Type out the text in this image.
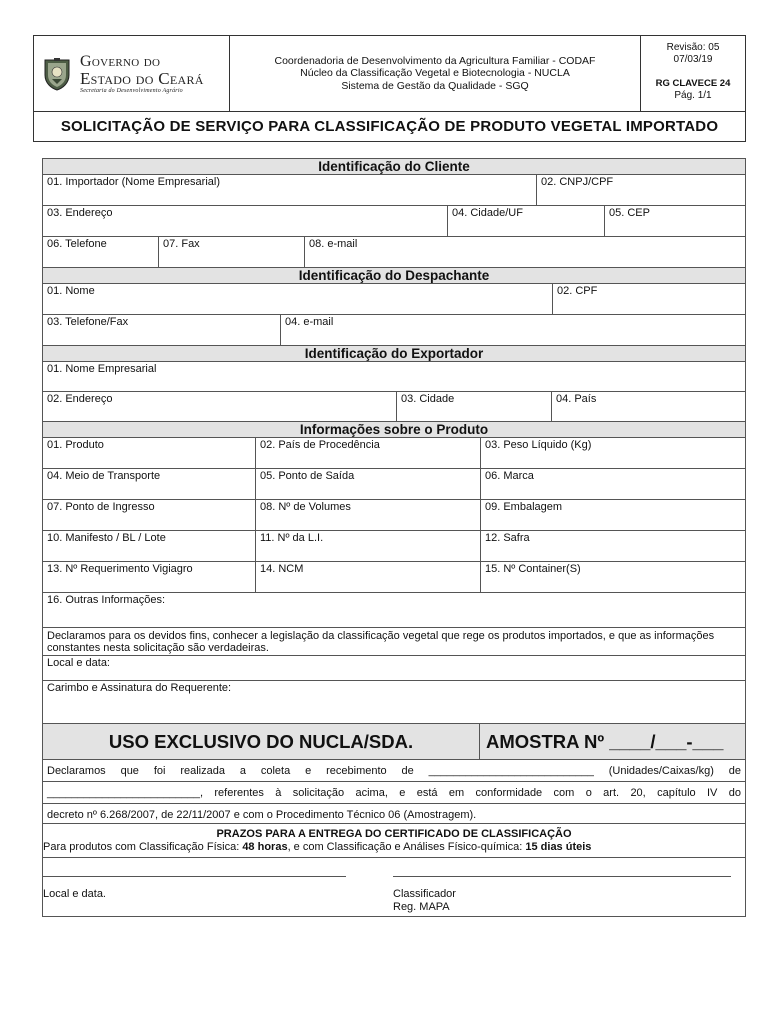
Governo do
Estado do Ceará
Secretaria do Desenvolvimento Agrário
Coordenadoria de Desenvolvimento da Agricultura Familiar - CODAF
Núcleo da Classificação Vegetal e Biotecnologia - NUCLA
Sistema de Gestão da Qualidade - SGQ
Revisão: 05
07/03/19
RG CLAVECE 24
Pág. 1/1
SOLICITAÇÃO DE SERVIÇO PARA CLASSIFICAÇÃO DE PRODUTO VEGETAL IMPORTADO
Identificação do Cliente
01. Importador (Nome Empresarial)	02. CNPJ/CPF
03. Endereço	04. Cidade/UF	05. CEP
06. Telefone	07. Fax	08. e-mail
Identificação do Despachante
01. Nome	02. CPF
03. Telefone/Fax	04. e-mail
Identificação do Exportador
01. Nome Empresarial
02. Endereço	03. Cidade	04. País
Informações sobre o Produto
01. Produto	02. País de Procedência	03. Peso Líquido (Kg)
04. Meio de Transporte	05. Ponto de Saída	06. Marca
07. Ponto de Ingresso	08. Nº de Volumes	09. Embalagem
10. Manifesto / BL / Lote	11. Nº da L.I.	12. Safra
13. Nº Requerimento Vigiagro	14. NCM	15. Nº Container(S)
16. Outras Informações:
Declaramos para os devidos fins, conhecer a legislação da classificação vegetal que rege os produtos importados, e que as informações constantes nesta solicitação são verdadeiras.
Local e data:
Carimbo e Assinatura do Requerente:
USO EXCLUSIVO DO NUCLA/SDA.	AMOSTRA Nº ____/___-___
Declaramos que foi realizada a coleta e recebimento de ___________________________ (Unidades/Caixas/kg) de
_________________________, referentes à solicitação acima, e está em conformidade com o art. 20, capítulo IV do
decreto nº 6.268/2007, de 22/11/2007 e com o Procedimento Técnico 06 (Amostragem).
PRAZOS PARA A ENTREGA DO CERTIFICADO DE CLASSIFICAÇÃO
Para produtos com Classificação Física: 48 horas, e com Classificação e Análises Físico-química: 15 dias úteis
Local e data.	Classificador
Reg. MAPA
